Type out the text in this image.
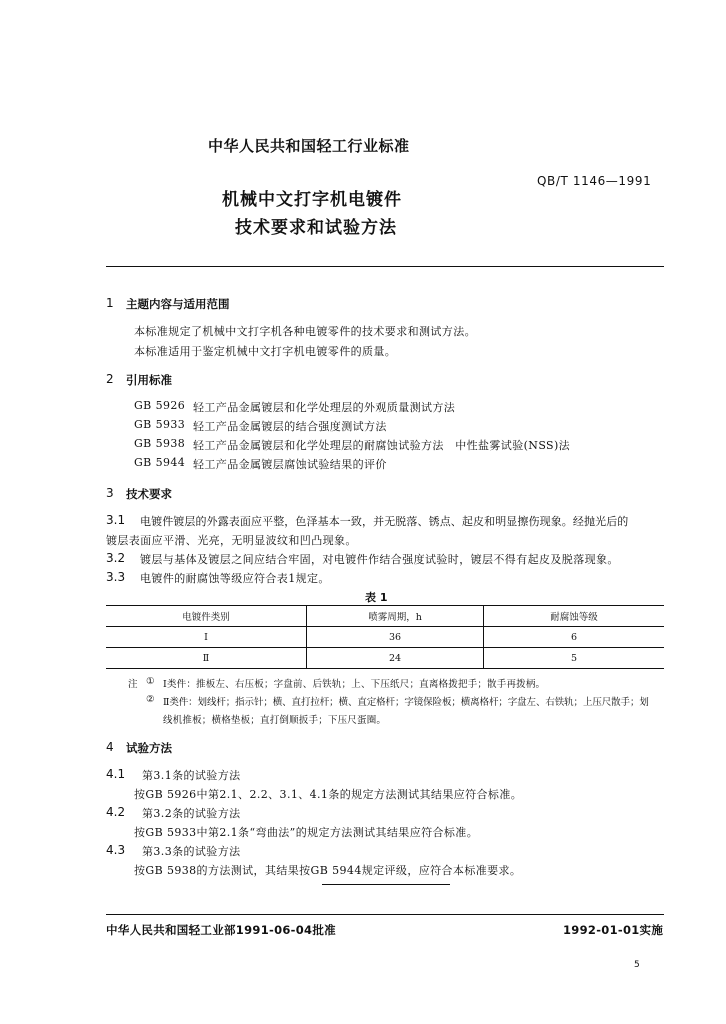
中华人民共和国轻工行业标准
QB/T 1146—1991
机械中文打字机电镀件
技术要求和试验方法
1 主题内容与适用范围
本标准规定了机械中文打字机各种电镀零件的技术要求和测试方法。
本标准适用于鉴定机械中文打字机电镀零件的质量。
2 引用标准
GB 5926 轻工产品金属镀层和化学处理层的外观质量测试方法
GB 5933 轻工产品金属镀层的结合强度测试方法
GB 5938 轻工产品金属镀层和化学处理层的耐腐蚀试验方法　中性盐雾试验(NSS)法
GB 5944 轻工产品金属镀层腐蚀试验结果的评价
3 技术要求
3.1 电镀件镀层的外露表面应平整，色泽基本一致，并无脱落、锈点、起皮和明显擦伤现象。经抛光后的
镀层表面应平滑、光亮，无明显波纹和凹凸现象。
3.2 镀层与基体及镀层之间应结合牢固，对电镀件作结合强度试验时，镀层不得有起皮及脱落现象。
3.3 电镀件的耐腐蚀等级应符合表1规定。
表 1
电镀件类别	喷雾周期，h	耐腐蚀等级
Ⅰ	36	6
Ⅱ	24	5
注 ① Ⅰ类件：推板左、右压板；字盘前、后铁轨；上、下压纸尺；直离格拨把手；散手再拨柄。
② Ⅱ类件：划线杆；指示针；横、直打拉杆；横、直定格杆；字镜保险板；横离格杆；字盘左、右铁轨；上压尺散手；划
线机推板；横格垫板；直打倒顺扳手；下压尺蛋圈。
4 试验方法
4.1 第3.1条的试验方法
按GB 5926中第2.1、2.2、3.1、4.1条的规定方法测试其结果应符合标准。
4.2 第3.2条的试验方法
按GB 5933中第2.1条“弯曲法”的规定方法测试其结果应符合标准。
4.3 第3.3条的试验方法
按GB 5938的方法测试，其结果按GB 5944规定评级，应符合本标准要求。
中华人民共和国轻工业部1991-06-04批准	1992-01-01实施
5
